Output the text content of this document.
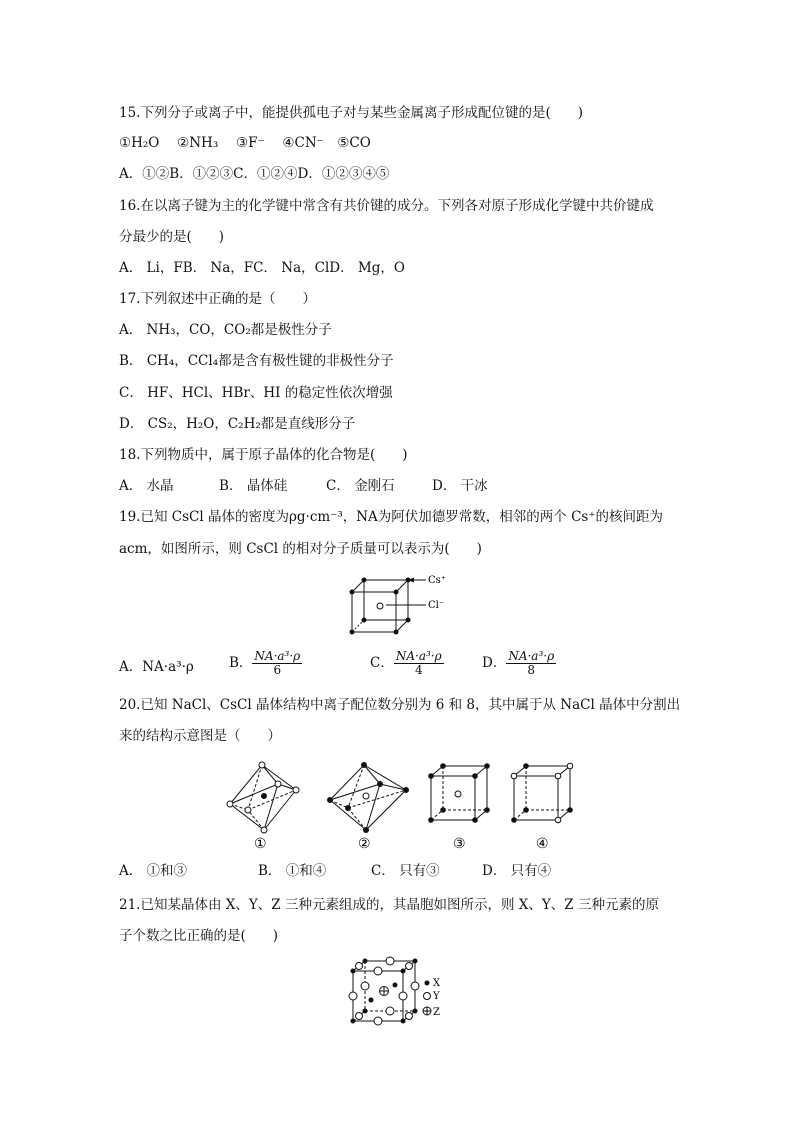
15.下列分子或离子中，能提供孤电子对与某些金属离子形成配位键的是(　　)
①H₂O　 ②NH₃　 ③F⁻　 ④CN⁻　⑤CO
A．①②B．①②③C．①②④D．①②③④⑤
16.在以离子键为主的化学键中常含有共价键的成分。下列各对原子形成化学键中共价键成
分最少的是(　　)
A． Li，FB． Na，FC． Na，ClD． Mg，O
17.下列叙述中正确的是（　　）
A． NH₃，CO，CO₂都是极性分子
B． CH₄，CCl₄都是含有极性键的非极性分子
C． HF、HCl、HBr、HI 的稳定性依次增强
D． CS₂，H₂O，C₂H₂都是直线形分子
18.下列物质中，属于原子晶体的化合物是(　　)
A． 水晶	B． 晶体硅	C． 金刚石	D． 干冰
19.已知 CsCl 晶体的密度为ρg·cm⁻³，NA为阿伏加德罗常数，相邻的两个 Cs⁺的核间距为
acm，如图所示，则 CsCl 的相对分子质量可以表示为(　　)
Cs⁺
Cl⁻
A．NA·a³·ρ	B． $\frac{\text{NA·a³·ρ}}{6}$	C． $\frac{\text{NA·a³·ρ}}{4}$	D． $\frac{\text{NA·a³·ρ}}{8}$
20.已知 NaCl、CsCl 晶体结构中离子配位数分别为 6 和 8，其中属于从 NaCl 晶体中分割出
来的结构示意图是（　　）
①	②	③	④
A． ①和③	B． ①和④	C． 只有③	D． 只有④
21.已知某晶体由 X、Y、Z 三种元素组成的，其晶胞如图所示，则 X、Y、Z 三种元素的原
子个数之比正确的是(　　)
X
Y
Z
